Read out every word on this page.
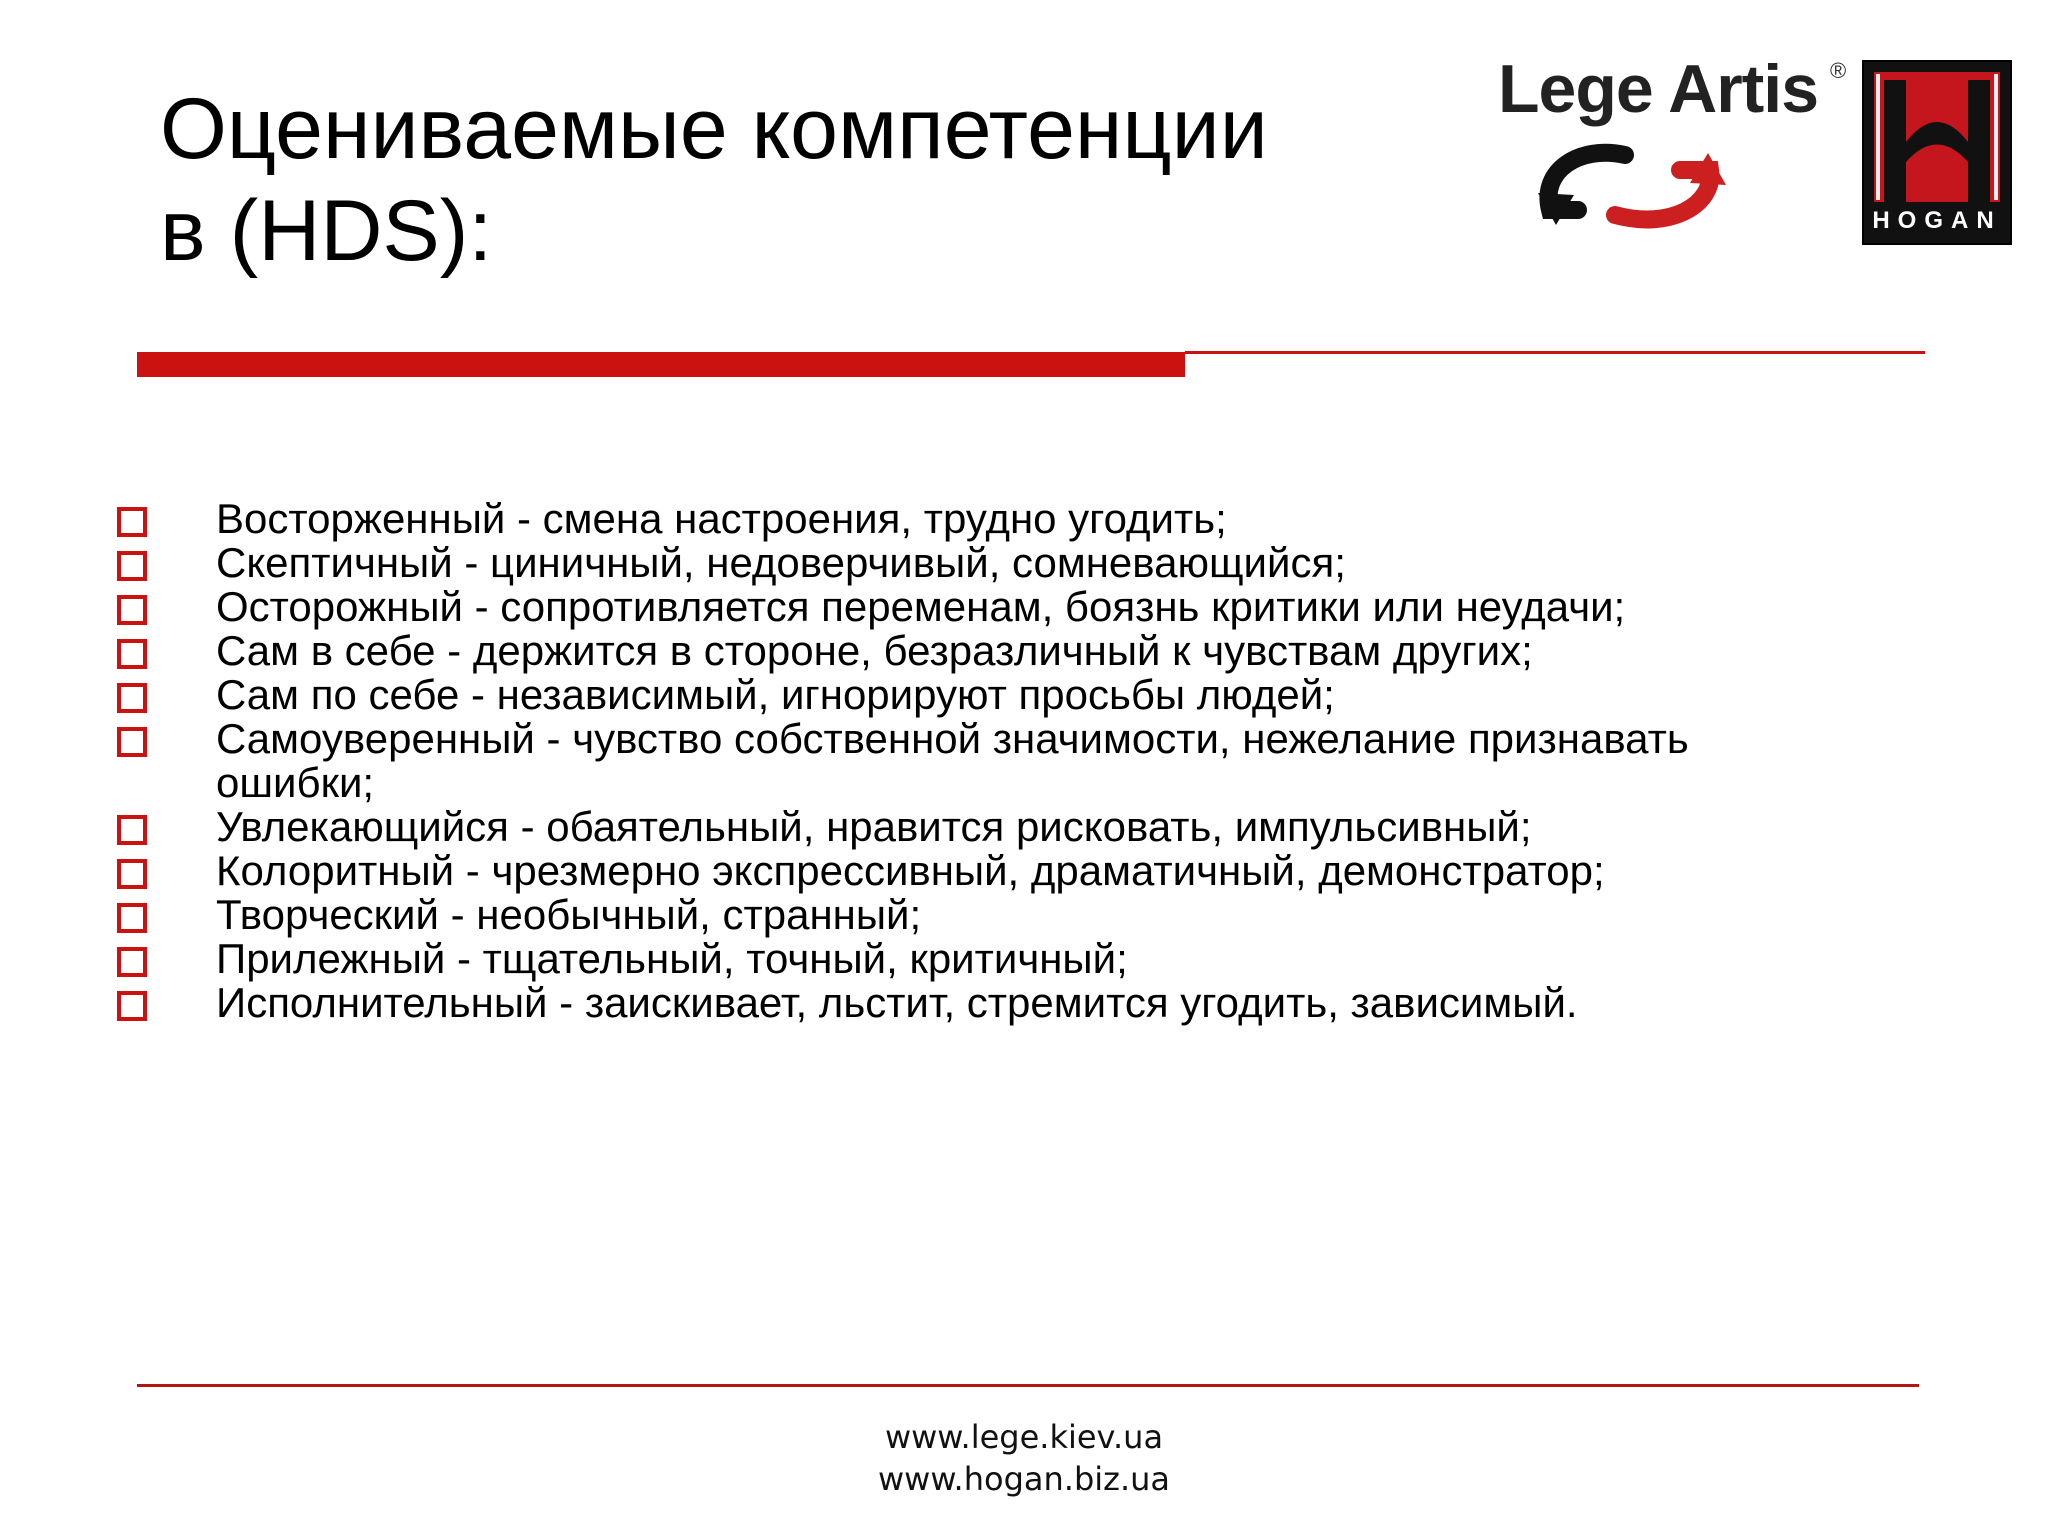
Оцениваемые компетенции
в (HDS):
Lege Artis ®
HOGAN
Восторженный - смена настроения, трудно угодить;
Скептичный - циничный, недоверчивый, сомневающийся;
Осторожный - сопротивляется переменам, боязнь критики или неудачи;
Сам в себе - держится в стороне, безразличный к чувствам других;
Сам по себе - независимый, игнорируют просьбы людей;
Самоуверенный - чувство собственной значимости, нежелание признавать ошибки;
Увлекающийся - обаятельный, нравится рисковать, импульсивный;
Колоритный - чрезмерно экспрессивный, драматичный, демонстратор;
Творческий - необычный, странный;
Прилежный - тщательный, точный, критичный;
Исполнительный - заискивает, льстит, стремится угодить, зависимый.
www.lege.kiev.ua
www.hogan.biz.ua
